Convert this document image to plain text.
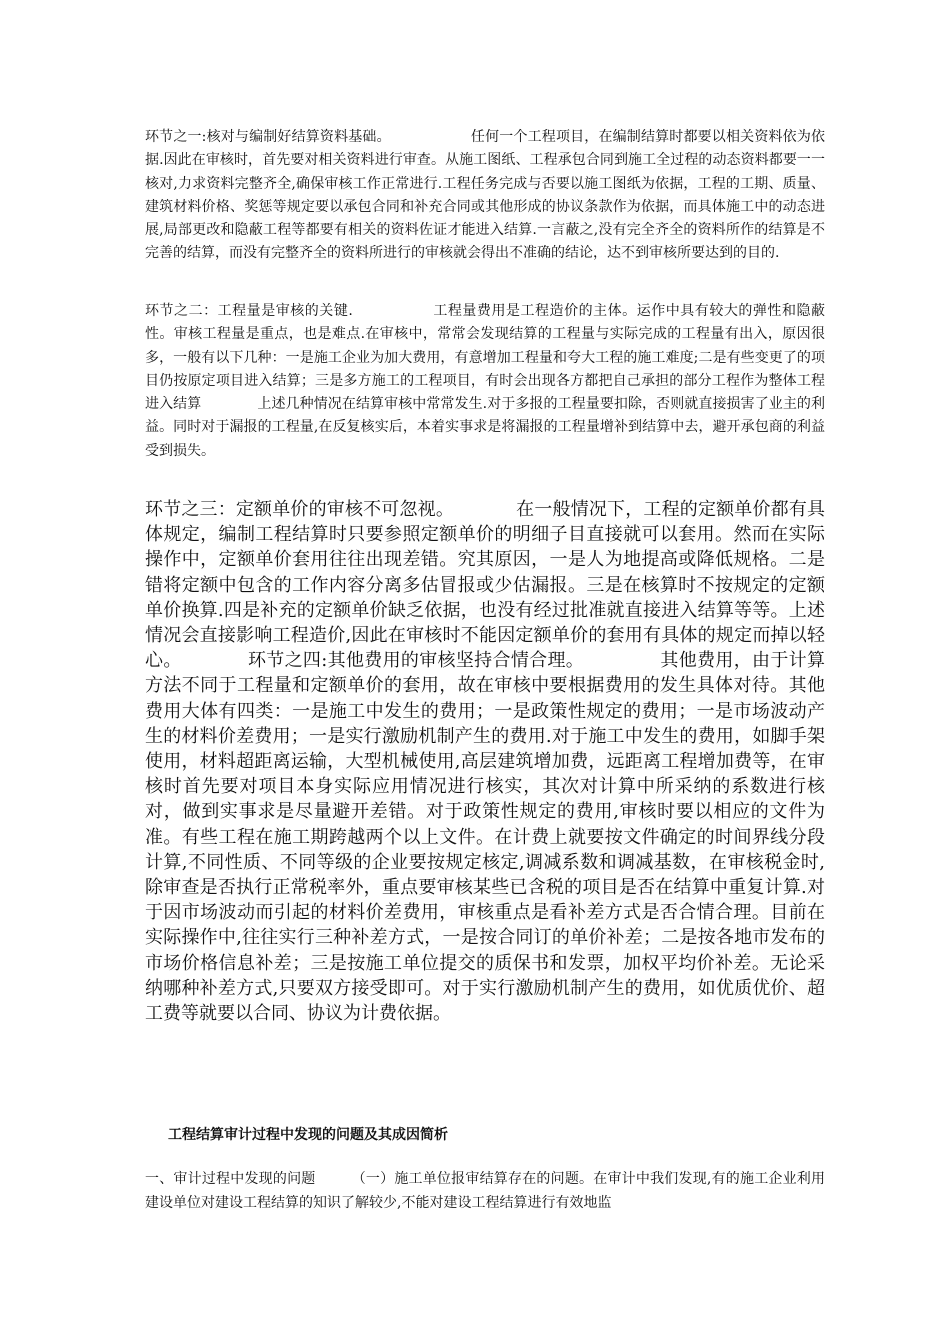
环节之一:核对与编制好结算资料基础。	任何一个工程项目，在编制结算时都要以相关资料依为依据.因此在审核时，首先要对相关资料进行审查。从施工图纸、工程承包合同到施工全过程的动态资料都要一一核对,力求资料完整齐全,确保审核工作正常进行.工程任务完成与否要以施工图纸为依据，工程的工期、质量、建筑材料价格、奖惩等规定要以承包合同和补充合同或其他形成的协议条款作为依据，而具体施工中的动态进展,局部更改和隐蔽工程等都要有相关的资料佐证才能进入结算.一言蔽之,没有完全齐全的资料所作的结算是不完善的结算，而没有完整齐全的资料所进行的审核就会得出不准确的结论，达不到审核所要达到的目的.

环节之二：工程量是审核的关键.	工程量费用是工程造价的主体。运作中具有较大的弹性和隐蔽性。审核工程量是重点，也是难点.在审核中，常常会发现结算的工程量与实际完成的工程量有出入，原因很多，一般有以下几种：一是施工企业为加大费用，有意增加工程量和夸大工程的施工难度;二是有些变更了的项目仍按原定项目进入结算；三是多方施工的工程项目，有时会出现各方都把自己承担的部分工程作为整体工程进入结算	上述几种情况在结算审核中常常发生.对于多报的工程量要扣除，否则就直接损害了业主的利益。同时对于漏报的工程量,在反复核实后，本着实事求是将漏报的工程量增补到结算中去，避开承包商的利益受到损失。

环节之三：定额单价的审核不可忽视。	在一般情况下，工程的定额单价都有具体规定，编制工程结算时只要参照定额单价的明细子目直接就可以套用。然而在实际操作中，定额单价套用往往出现差错。究其原因，一是人为地提高或降低规格。二是错将定额中包含的工作内容分离多估冒报或少估漏报。三是在核算时不按规定的定额单价换算.四是补充的定额单价缺乏依据，也没有经过批准就直接进入结算等等。上述情况会直接影响工程造价,因此在审核时不能因定额单价的套用有具体的规定而掉以轻心。	环节之四:其他费用的审核坚持合情合理。	其他费用，由于计算方法不同于工程量和定额单价的套用，故在审核中要根据费用的发生具体对待。其他费用大体有四类：一是施工中发生的费用；一是政策性规定的费用；一是市场波动产生的材料价差费用；一是实行激励机制产生的费用.对于施工中发生的费用，如脚手架使用，材料超距离运输，大型机械使用,高层建筑增加费，远距离工程增加费等，在审核时首先要对项目本身实际应用情况进行核实，其次对计算中所采纳的系数进行核对，做到实事求是尽量避开差错。对于政策性规定的费用,审核时要以相应的文件为准。有些工程在施工期跨越两个以上文件。在计费上就要按文件确定的时间界线分段计算,不同性质、不同等级的企业要按规定核定,调减系数和调减基数，在审核税金时,除审查是否执行正常税率外，重点要审核某些已含税的项目是否在结算中重复计算.对于因市场波动而引起的材料价差费用，审核重点是看补差方式是否合情合理。目前在实际操作中,往往实行三种补差方式，一是按合同订的单价补差；二是按各地市发布的市场价格信息补差；三是按施工单位提交的质保书和发票，加权平均价补差。无论采纳哪种补差方式,只要双方接受即可。对于实行激励机制产生的费用，如优质优价、超工费等就要以合同、协议为计费依据。

工程结算审计过程中发现的问题及其成因简析

一、审计过程中发现的问题	（一）施工单位报审结算存在的问题。在审计中我们发现,有的施工企业利用建设单位对建设工程结算的知识了解较少,不能对建设工程结算进行有效地监
